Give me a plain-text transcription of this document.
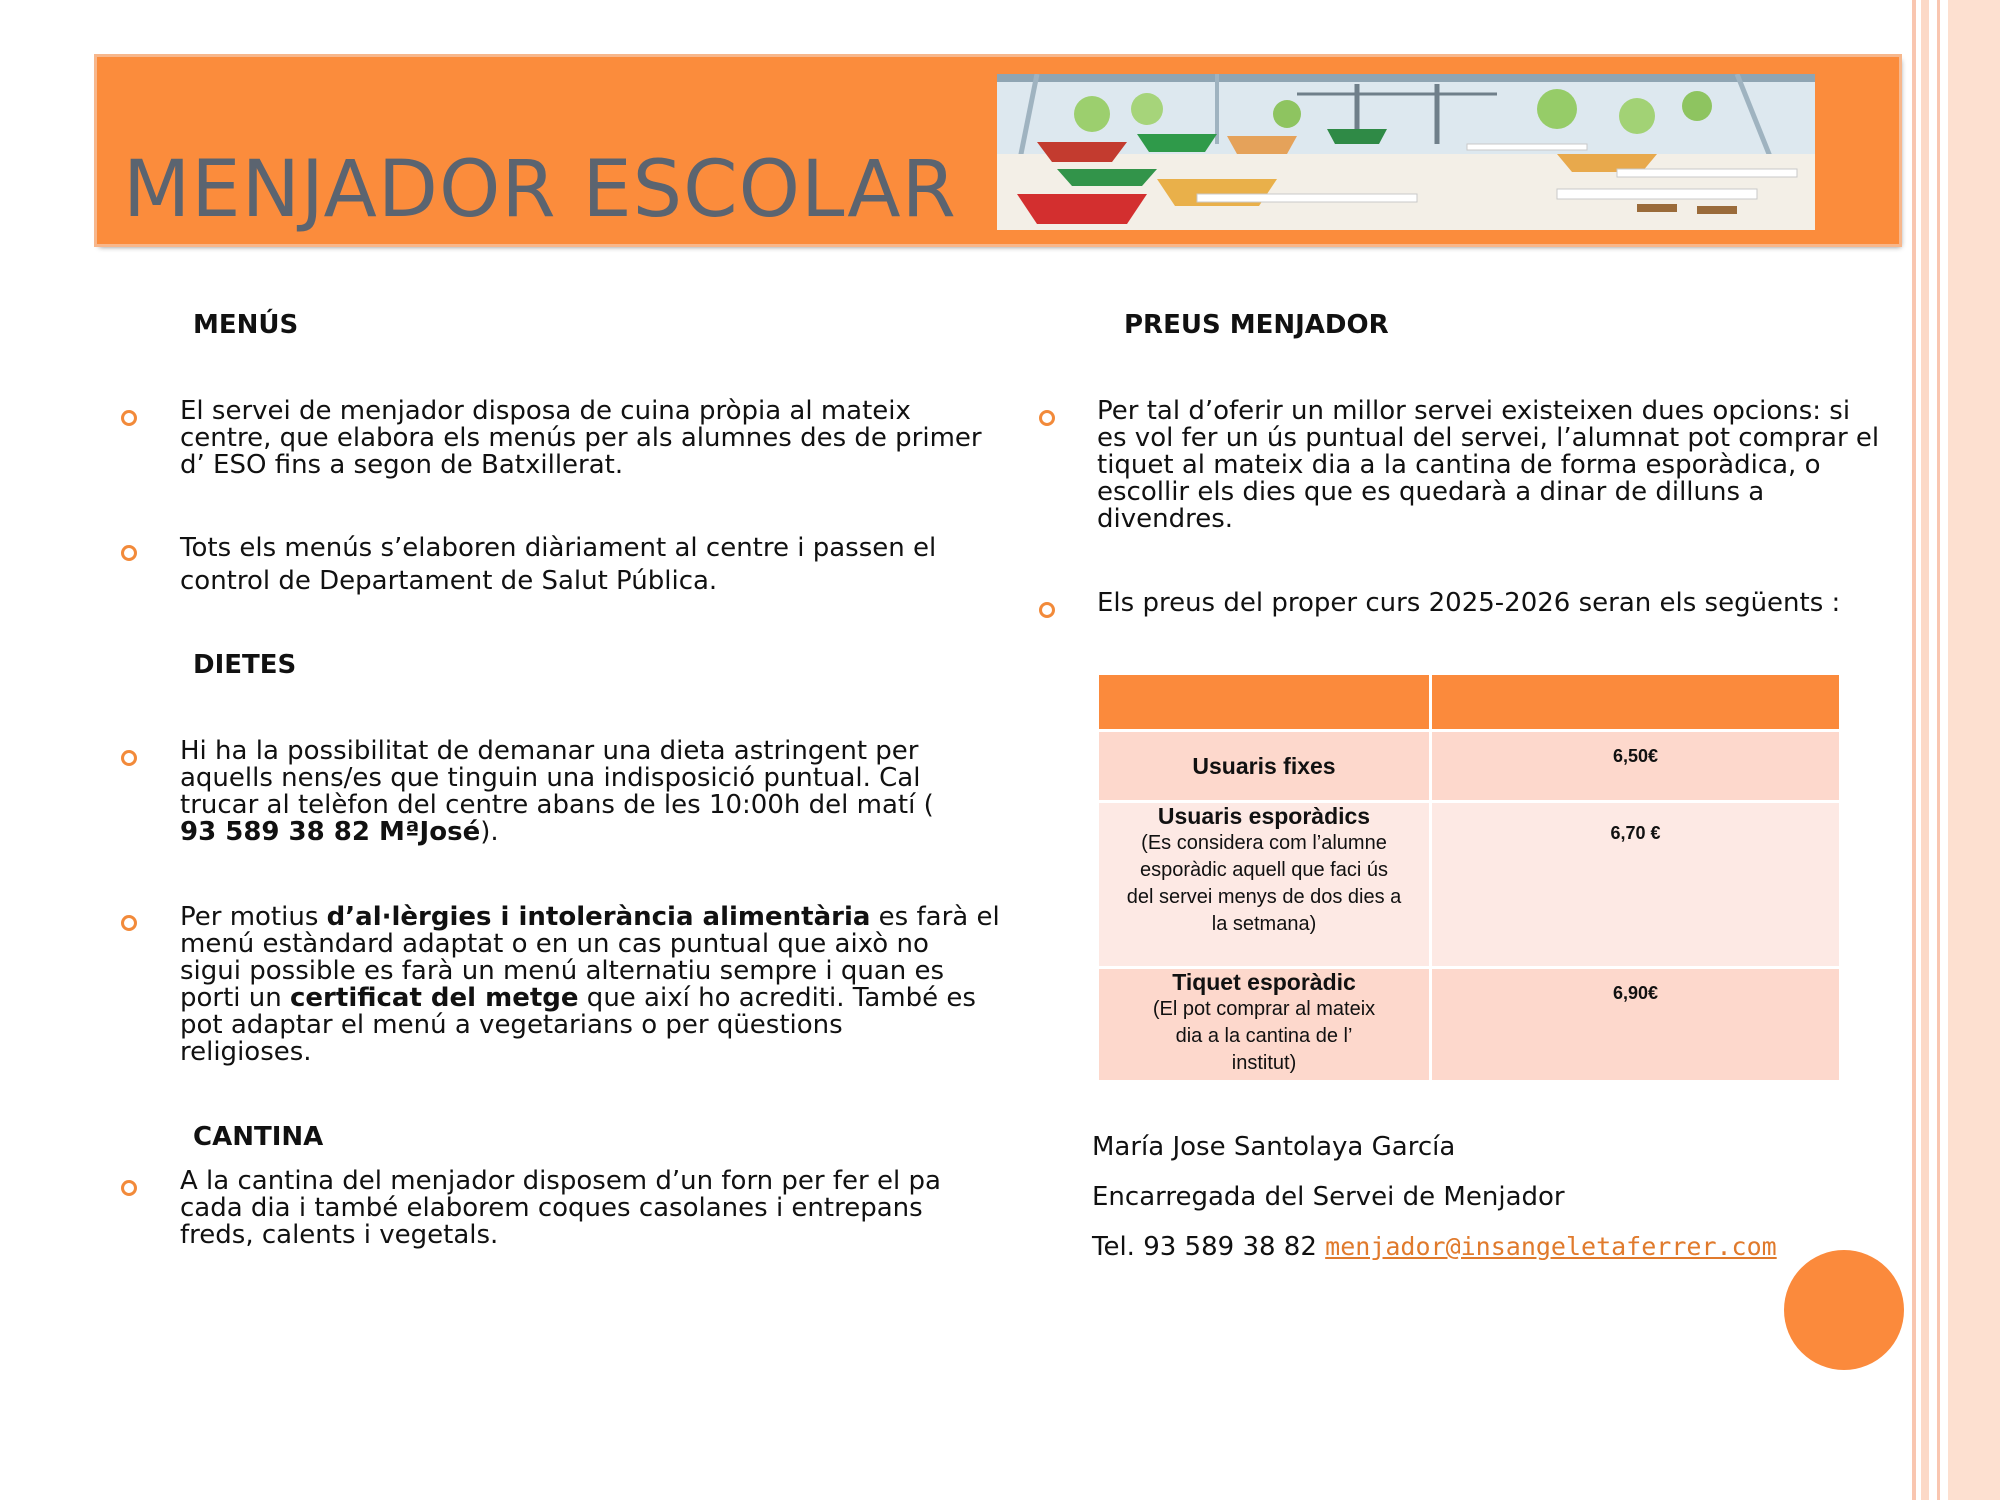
MENJADOR ESCOLAR
MENÚS
El servei de menjador disposa de cuina pròpia al mateix
centre, que elabora els menús per als alumnes des de primer
d’ ESO fins a segon de Batxillerat.
Tots els menús s’elaboren diàriament al centre i passen el
control de Departament de Salut Pública.
DIETES
Hi ha la possibilitat de demanar una dieta astringent per
aquells nens/es que tinguin una indisposició puntual. Cal
trucar al telèfon del centre abans de les 10:00h del matí (
93 589 38 82 MªJosé).
Per motius d’al·lèrgies i intolerància alimentària es farà el
menú estàndard adaptat o en un cas puntual que això no
sigui possible es farà un menú alternatiu sempre i quan es
porti un certificat del metge que així ho acrediti. També es
pot adaptar el menú a vegetarians o per qüestions
religioses.
CANTINA
A la cantina del menjador disposem d’un forn per fer el pa
cada dia i també elaborem coques casolanes i entrepans
freds, calents i vegetals.
PREUS MENJADOR
Per tal d’oferir un millor servei existeixen dues opcions: si
es vol fer un ús puntual del servei, l’alumnat pot comprar el
tiquet al mateix dia a la cantina de forma esporàdica, o
escollir els dies que es quedarà a dinar de dilluns a
divendres.
Els preus del proper curs 2025-2026 seran els següents :

Usuaris fixes	6,50€

Usuaris esporàdics
(Es considera com l’alumne
esporàdic aquell que faci ús
del servei menys de dos dies a
la setmana)	6,70 €

Tiquet esporàdic
(El pot comprar al mateix
dia a la cantina de l’
institut)	6,90€
María Jose Santolaya García
Encarregada del Servei de Menjador
Tel. 93 589 38 82 menjador@insangeletaferrer.com
